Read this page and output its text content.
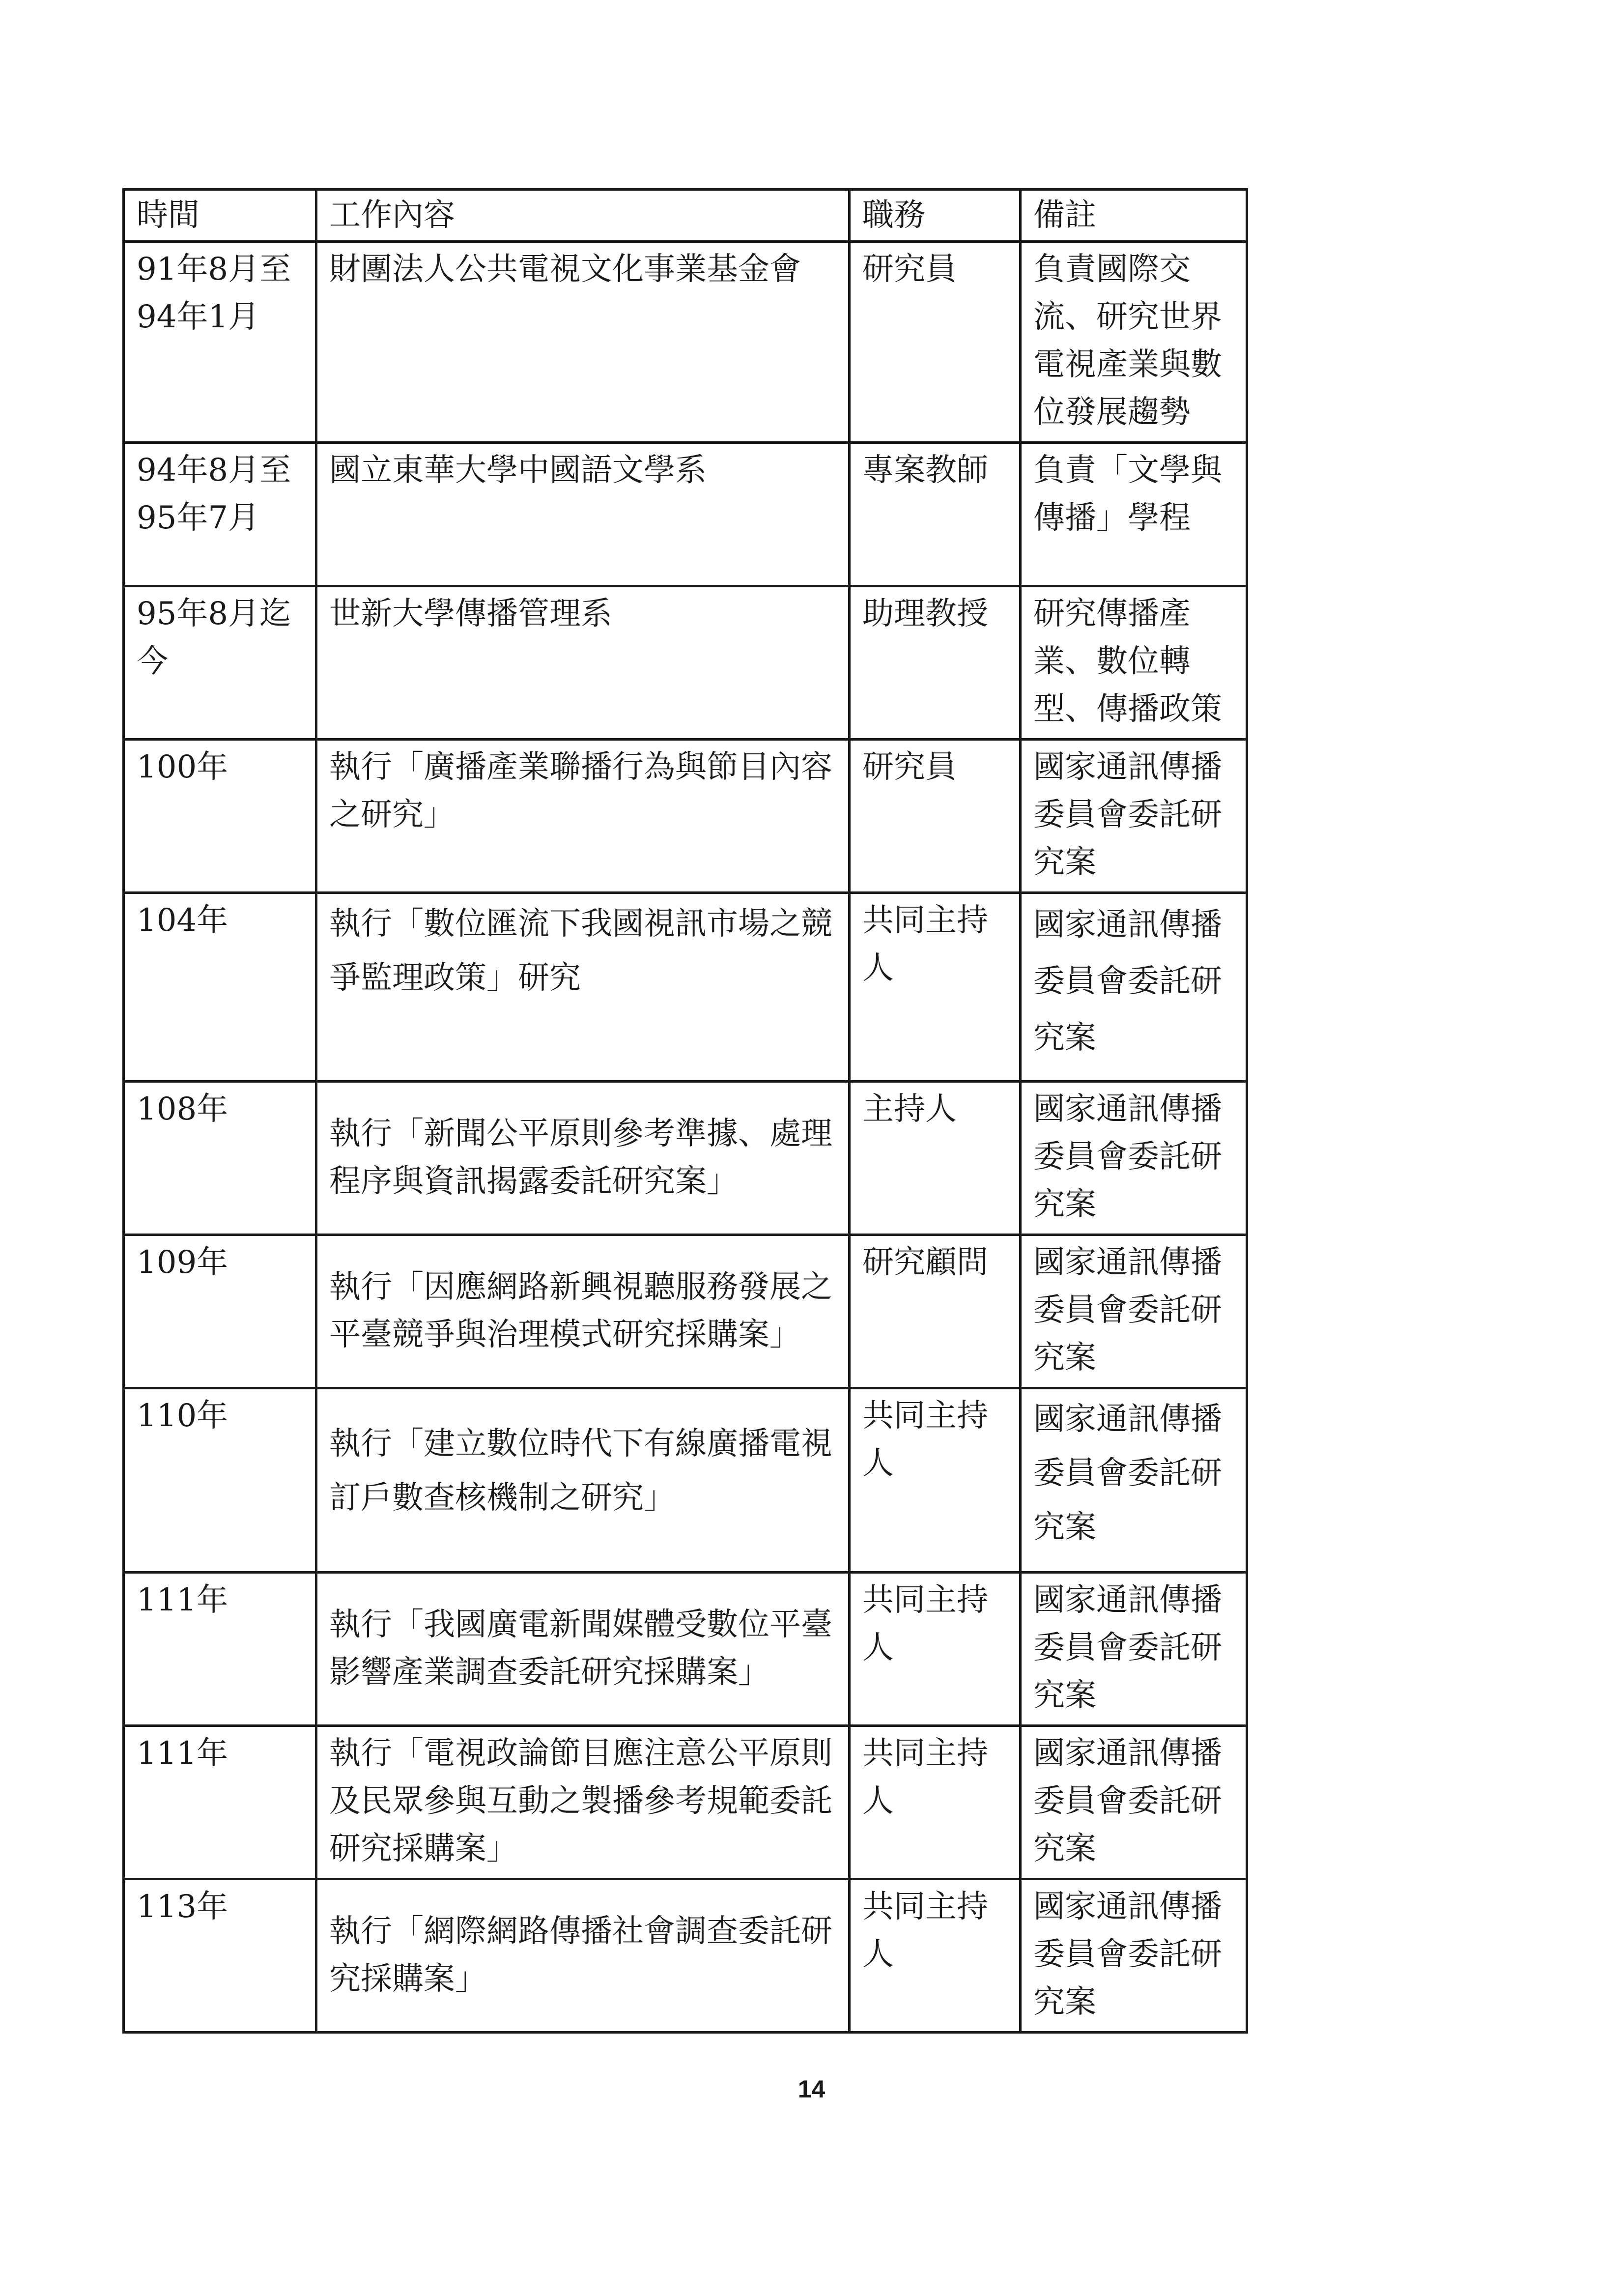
時間	工作內容	職務	備註
91年8月至94年1月	財團法人公共電視文化事業基金會	研究員	負責國際交流、研究世界電視產業與數位發展趨勢
94年8月至95年7月	國立東華大學中國語文學系	專案教師	負責「文學與傳播」學程
95年8月迄今	世新大學傳播管理系	助理教授	研究傳播產業、數位轉型、傳播政策
100年	執行「廣播產業聯播行為與節目內容之研究」	研究員	國家通訊傳播委員會委託研究案
104年	執行「數位匯流下我國視訊市場之競爭監理政策」研究	共同主持人	國家通訊傳播委員會委託研究案
108年	執行「新聞公平原則參考準據、處理程序與資訊揭露委託研究案」	主持人	國家通訊傳播委員會委託研究案
109年	執行「因應網路新興視聽服務發展之平臺競爭與治理模式研究採購案」	研究顧問	國家通訊傳播委員會委託研究案
110年	執行「建立數位時代下有線廣播電視訂戶數查核機制之研究」	共同主持人	國家通訊傳播委員會委託研究案
111年	執行「我國廣電新聞媒體受數位平臺影響產業調查委託研究採購案」	共同主持人	國家通訊傳播委員會委託研究案
111年	執行「電視政論節目應注意公平原則及民眾參與互動之製播參考規範委託研究採購案」	共同主持人	國家通訊傳播委員會委託研究案
113年	執行「網際網路傳播社會調查委託研究採購案」	共同主持人	國家通訊傳播委員會委託研究案
14
